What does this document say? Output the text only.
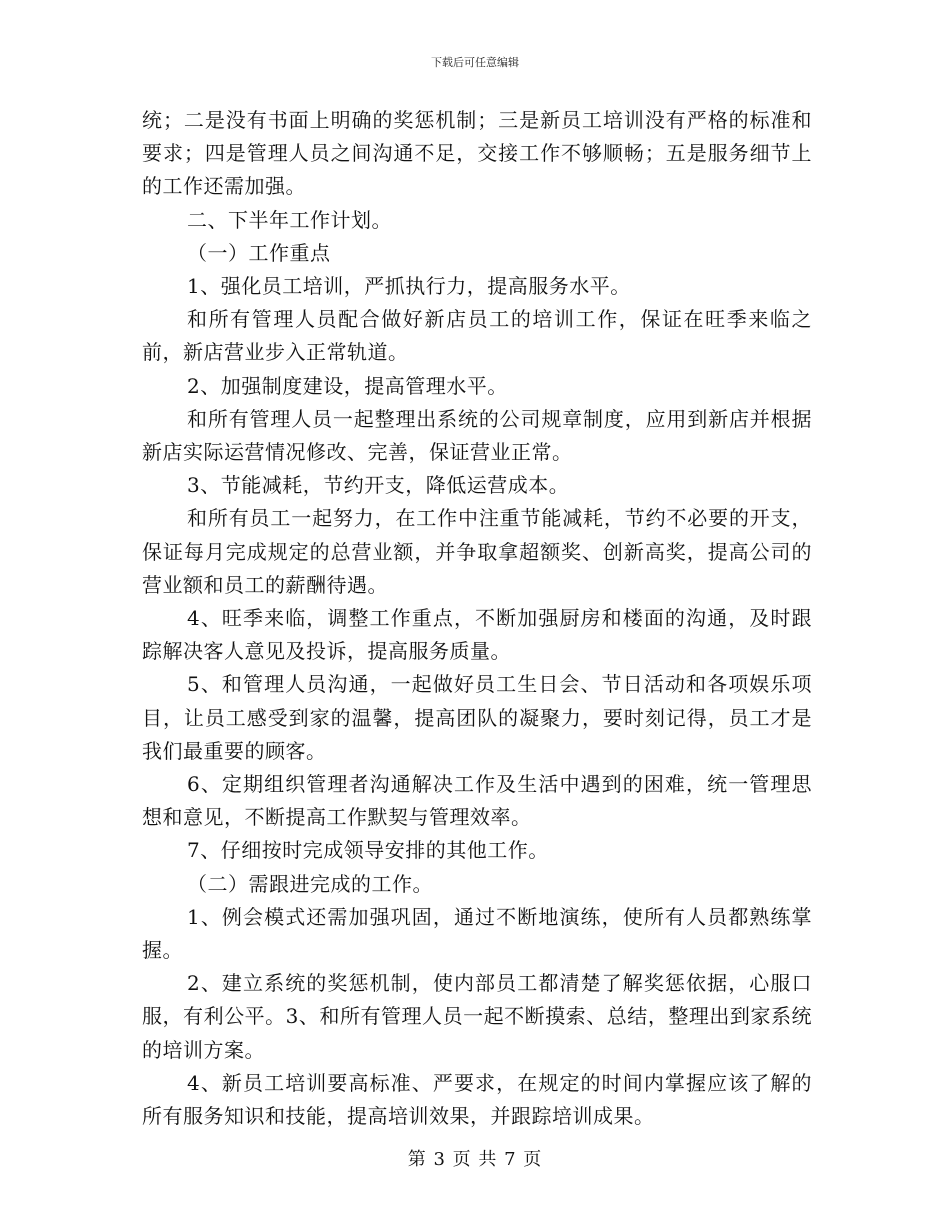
下载后可任意编辑

统；二是没有书面上明确的奖惩机制；三是新员工培训没有严格的标准和要求；四是管理人员之间沟通不足，交接工作不够顺畅；五是服务细节上的工作还需加强。

二、下半年工作计划。

（一）工作重点

1、强化员工培训，严抓执行力，提高服务水平。

和所有管理人员配合做好新店员工的培训工作，保证在旺季来临之前，新店营业步入正常轨道。

2、加强制度建设，提高管理水平。

和所有管理人员一起整理出系统的公司规章制度，应用到新店并根据新店实际运营情况修改、完善，保证营业正常。

3、节能减耗，节约开支，降低运营成本。

和所有员工一起努力，在工作中注重节能减耗，节约不必要的开支，保证每月完成规定的总营业额，并争取拿超额奖、创新高奖，提高公司的营业额和员工的薪酬待遇。

4、旺季来临，调整工作重点，不断加强厨房和楼面的沟通，及时跟踪解决客人意见及投诉，提高服务质量。

5、和管理人员沟通，一起做好员工生日会、节日活动和各项娱乐项目，让员工感受到家的温馨，提高团队的凝聚力，要时刻记得，员工才是我们最重要的顾客。

6、定期组织管理者沟通解决工作及生活中遇到的困难，统一管理思想和意见，不断提高工作默契与管理效率。

7、仔细按时完成领导安排的其他工作。

（二）需跟进完成的工作。

1、例会模式还需加强巩固，通过不断地演练，使所有人员都熟练掌握。

2、建立系统的奖惩机制，使内部员工都清楚了解奖惩依据，心服口服，有利公平。3、和所有管理人员一起不断摸索、总结，整理出到家系统的培训方案。

4、新员工培训要高标准、严要求，在规定的时间内掌握应该了解的所有服务知识和技能，提高培训效果，并跟踪培训成果。

第 3 页 共 7 页
